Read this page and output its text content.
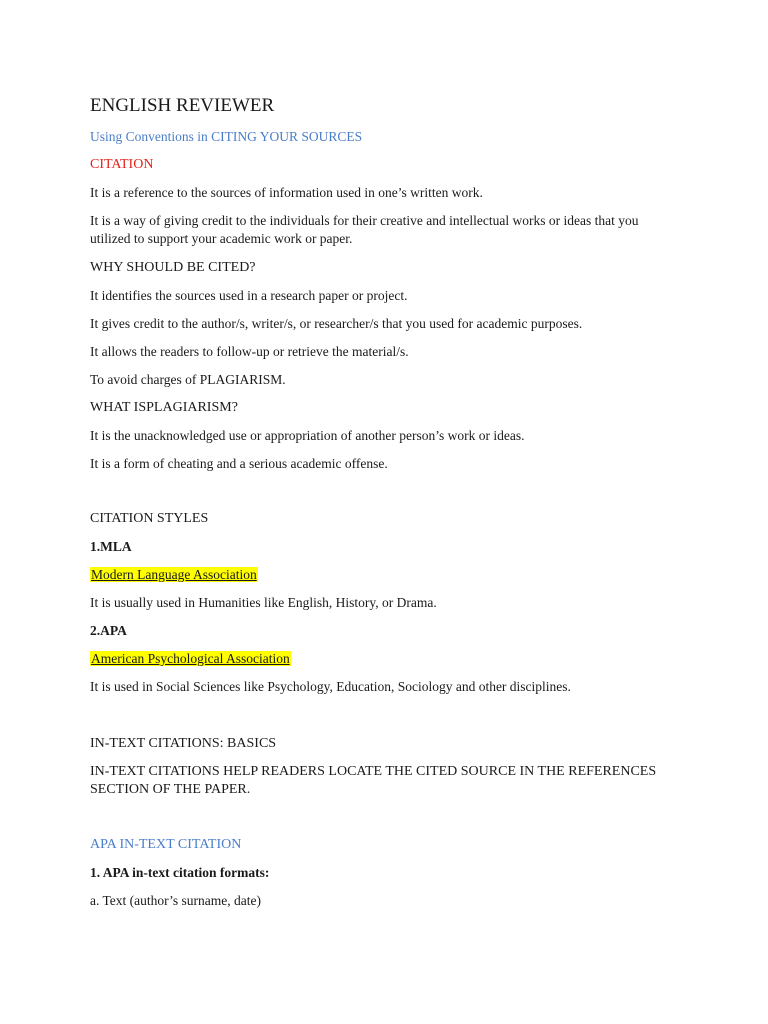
ENGLISH REVIEWER
Using Conventions in CITING YOUR SOURCES
CITATION
It is a reference to the sources of information used in one’s written work.
It is a way of giving credit to the individuals for their creative and intellectual works or ideas that you utilized to support your academic work or paper.
WHY SHOULD BE CITED?
It identifies the sources used in a research paper or project.
It gives credit to the author/s, writer/s, or researcher/s that you used for academic purposes.
It allows the readers to follow-up or retrieve the material/s.
To avoid charges of PLAGIARISM.
WHAT ISPLAGIARISM?
It is the unacknowledged use or appropriation of another person’s work or ideas.
It is a form of cheating and a serious academic offense.
CITATION STYLES
1.MLA
Modern Language Association
It is usually used in Humanities like English, History, or Drama.
2.APA
American Psychological Association
It is used in Social Sciences like Psychology, Education, Sociology and other disciplines.
IN-TEXT CITATIONS: BASICS
IN-TEXT CITATIONS HELP READERS LOCATE THE CITED SOURCE IN THE REFERENCES SECTION OF THE PAPER.
APA IN-TEXT CITATION
1. APA in-text citation formats:
a. Text (author’s surname, date)
